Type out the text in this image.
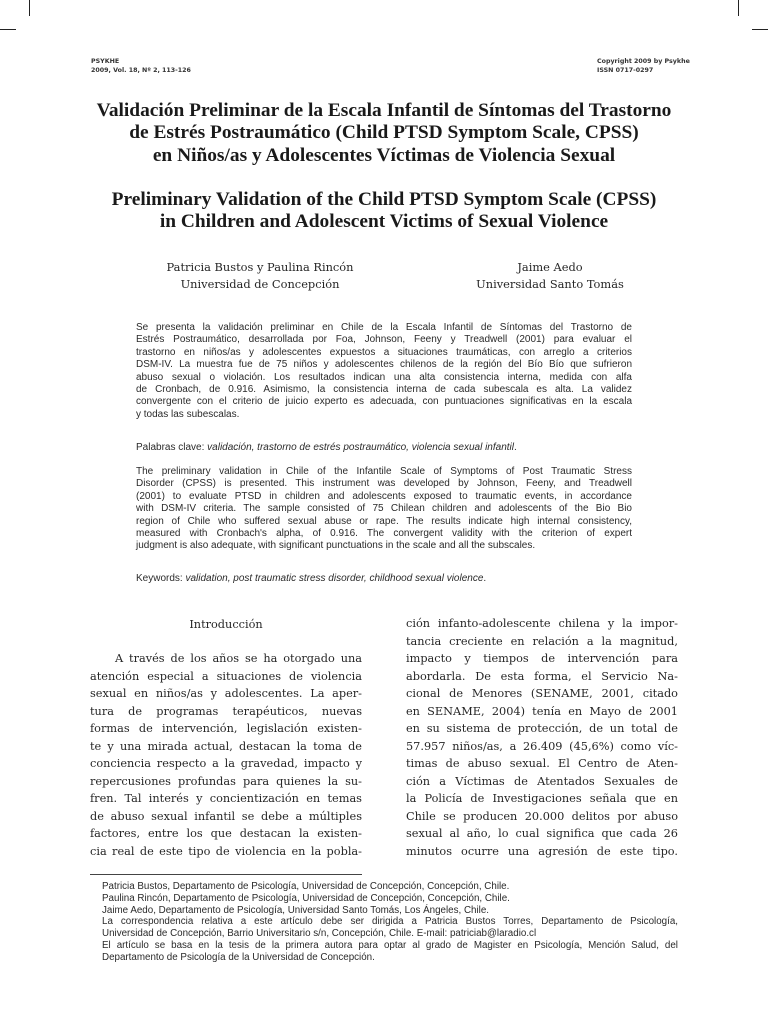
PSYKHE
2009, Vol. 18, Nº 2, 113-126
Copyright 2009 by Psykhe
ISSN 0717-0297
Validación Preliminar de la Escala Infantil de Síntomas del Trastorno
de Estrés Postraumático (Child PTSD Symptom Scale, CPSS)
en Niños/as y Adolescentes Víctimas de Violencia Sexual
Preliminary Validation of the Child PTSD Symptom Scale (CPSS)
in Children and Adolescent Victims of Sexual Violence
Patricia Bustos y Paulina Rincón
Universidad de Concepción
Jaime Aedo
Universidad Santo Tomás
Se presenta la validación preliminar en Chile de la Escala Infantil de Síntomas del Trastorno de
Estrés Postraumático, desarrollada por Foa, Johnson, Feeny y Treadwell (2001) para evaluar el
trastorno en niños/as y adolescentes expuestos a situaciones traumáticas, con arreglo a criterios
DSM-IV. La muestra fue de 75 niños y adolescentes chilenos de la región del Bío Bío que sufrieron
abuso sexual o violación. Los resultados indican una alta consistencia interna, medida con alfa
de Cronbach, de 0.916. Asimismo, la consistencia interna de cada subescala es alta. La validez
convergente con el criterio de juicio experto es adecuada, con puntuaciones significativas en la escala
y todas las subescalas.
Palabras clave: validación, trastorno de estrés postraumático, violencia sexual infantil.
The preliminary validation in Chile of the Infantile Scale of Symptoms of Post Traumatic Stress
Disorder (CPSS) is presented. This instrument was developed by Johnson, Feeny, and Treadwell
(2001) to evaluate PTSD in children and adolescents exposed to traumatic events, in accordance
with DSM-IV criteria. The sample consisted of 75 Chilean children and adolescents of the Bio Bio
region of Chile who suffered sexual abuse or rape. The results indicate high internal consistency,
measured with Cronbach's alpha, of 0.916. The convergent validity with the criterion of expert
judgment is also adequate, with significant punctuations in the scale and all the subscales.
Keywords: validation, post traumatic stress disorder, childhood sexual violence.
Introducción
A través de los años se ha otorgado una
atención especial a situaciones de violencia
sexual en niños/as y adolescentes. La aper-
tura de programas terapéuticos, nuevas
formas de intervención, legislación existen-
te y una mirada actual, destacan la toma de
conciencia respecto a la gravedad, impacto y
repercusiones profundas para quienes la su-
fren. Tal interés y concientización en temas
de abuso sexual infantil se debe a múltiples
factores, entre los que destacan la existen-
cia real de este tipo de violencia en la pobla-
ción infanto-adolescente chilena y la impor-
tancia creciente en relación a la magnitud,
impacto y tiempos de intervención para
abordarla. De esta forma, el Servicio Na-
cional de Menores (SENAME, 2001, citado
en SENAME, 2004) tenía en Mayo de 2001
en su sistema de protección, de un total de
57.957 niños/as, a 26.409 (45,6%) como víc-
timas de abuso sexual. El Centro de Aten-
ción a Víctimas de Atentados Sexuales de
la Policía de Investigaciones señala que en
Chile se producen 20.000 delitos por abuso
sexual al año, lo cual significa que cada 26
minutos ocurre una agresión de este tipo.
Patricia Bustos, Departamento de Psicología, Universidad de Concepción, Concepción, Chile.
Paulina Rincón, Departamento de Psicología, Universidad de Concepción, Concepción, Chile.
Jaime Aedo, Departamento de Psicología, Universidad Santo Tomás, Los Ángeles, Chile.
La correspondencia relativa a este artículo debe ser dirigida a Patricia Bustos Torres, Departamento de Psicología,
Universidad de Concepción, Barrio Universitario s/n, Concepción, Chile. E-mail: patriciab@laradio.cl
El artículo se basa en la tesis de la primera autora para optar al grado de Magister en Psicología, Mención Salud, del
Departamento de Psicología de la Universidad de Concepción.
